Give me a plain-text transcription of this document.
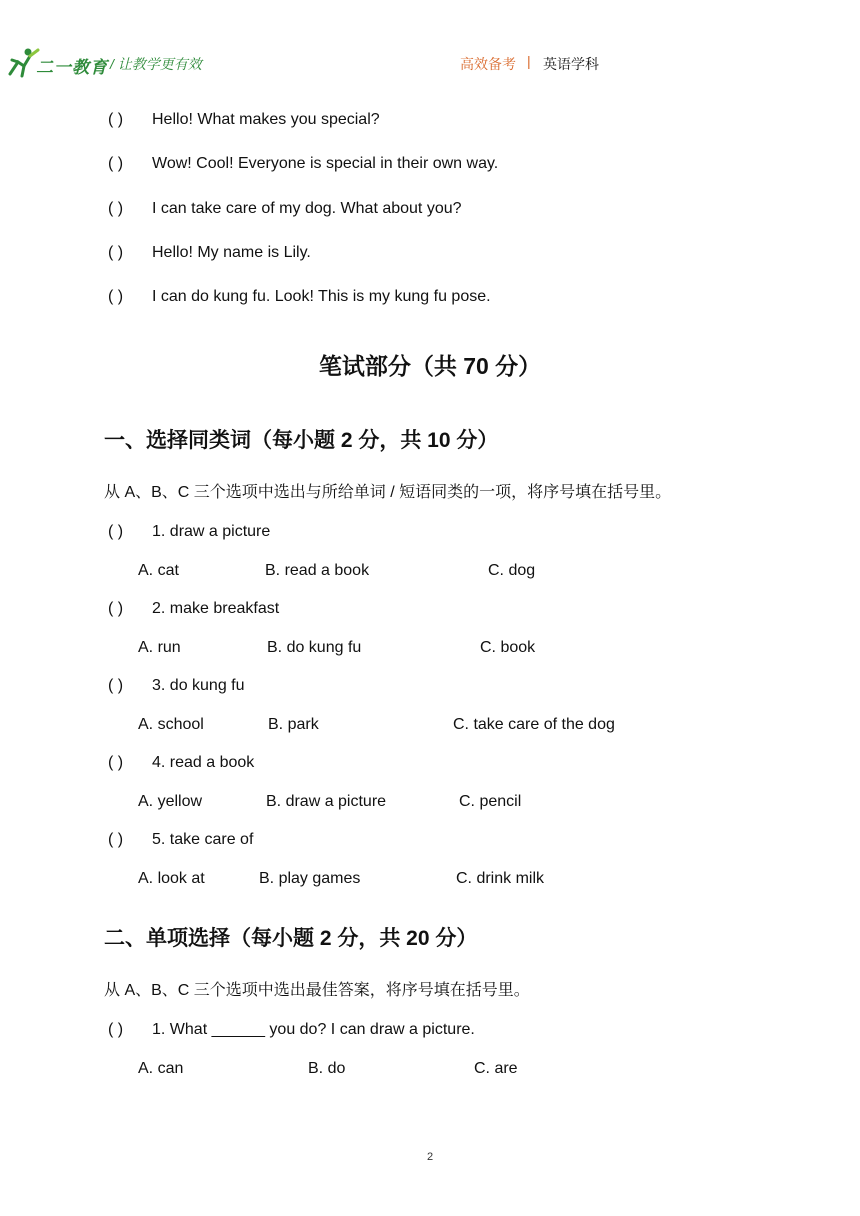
二一教育 / 让教学更有效	高效备考 | 英语学科
( ) Hello! What makes you special?
( ) Wow! Cool! Everyone is special in their own way.
( ) I can take care of my dog. What about you?
( ) Hello! My name is Lily.
( ) I can do kung fu. Look! This is my kung fu pose.
笔试部分（共 70 分）
一、选择同类词（每小题 2 分，共 10 分）
从 A、B、C 三个选项中选出与所给单词 / 短语同类的一项，将序号填在括号里。
( ) 1. draw a picture
A. cat	B. read a book	C. dog
( ) 2. make breakfast
A. run	B. do kung fu	C. book
( ) 3. do kung fu
A. school	B. park	C. take care of the dog
( ) 4. read a book
A. yellow	B. draw a picture	C. pencil
( ) 5. take care of
A. look at	B. play games	C. drink milk
二、单项选择（每小题 2 分，共 20 分）
从 A、B、C 三个选项中选出最佳答案，将序号填在括号里。
( ) 1. What ______ you do? I can draw a picture.
A. can	B. do	C. are
2
